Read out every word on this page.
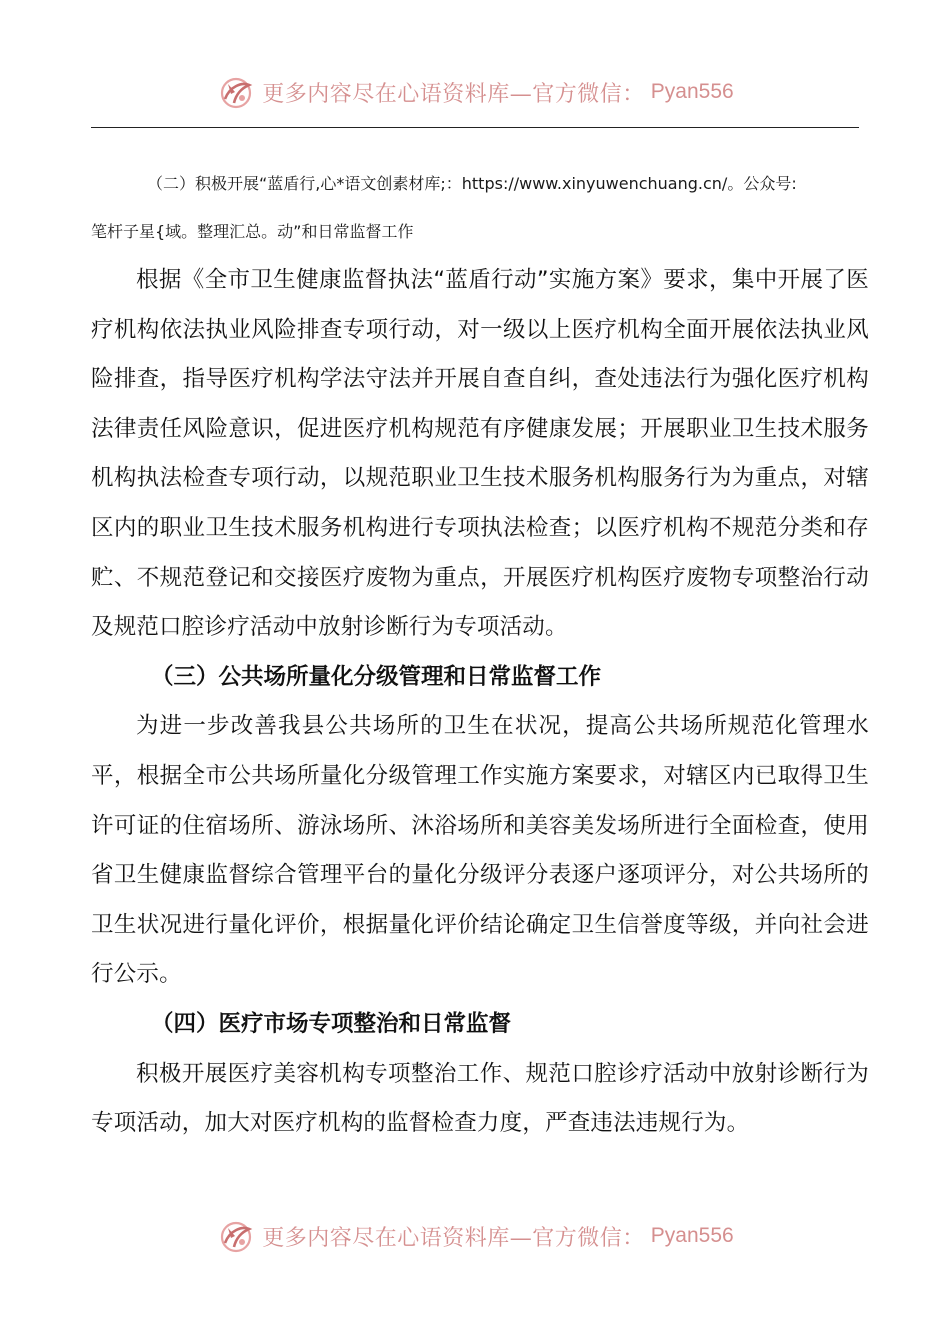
更多内容尽在心语资料库—官方微信： Pyan556
（二）积极开展“蓝盾行,心*语文创素材库;：https://www.xinyuwenchuang.cn/。公众号:
笔杆子星{域。整理汇总。动”和日常监督工作

根据《全市卫生健康监督执法“蓝盾行动”实施方案》要求，集中开展了医疗机构依法执业风险排查专项行动，对一级以上医疗机构全面开展依法执业风险排查，指导医疗机构学法守法并开展自查自纠，查处违法行为强化医疗机构法律责任风险意识，促进医疗机构规范有序健康发展；开展职业卫生技术服务机构执法检查专项行动，以规范职业卫生技术服务机构服务行为为重点，对辖区内的职业卫生技术服务机构进行专项执法检查；以医疗机构不规范分类和存贮、不规范登记和交接医疗废物为重点，开展医疗机构医疗废物专项整治行动及规范口腔诊疗活动中放射诊断行为专项活动。

（三）公共场所量化分级管理和日常监督工作

为进一步改善我县公共场所的卫生在状况，提高公共场所规范化管理水平，根据全市公共场所量化分级管理工作实施方案要求，对辖区内已取得卫生许可证的住宿场所、游泳场所、沐浴场所和美容美发场所进行全面检查，使用省卫生健康监督综合管理平台的量化分级评分表逐户逐项评分，对公共场所的卫生状况进行量化评价，根据量化评价结论确定卫生信誉度等级，并向社会进行公示。

（四）医疗市场专项整治和日常监督

积极开展医疗美容机构专项整治工作、规范口腔诊疗活动中放射诊断行为专项活动，加大对医疗机构的监督检查力度，严查违法违规行为。

更多内容尽在心语资料库—官方微信： Pyan556
